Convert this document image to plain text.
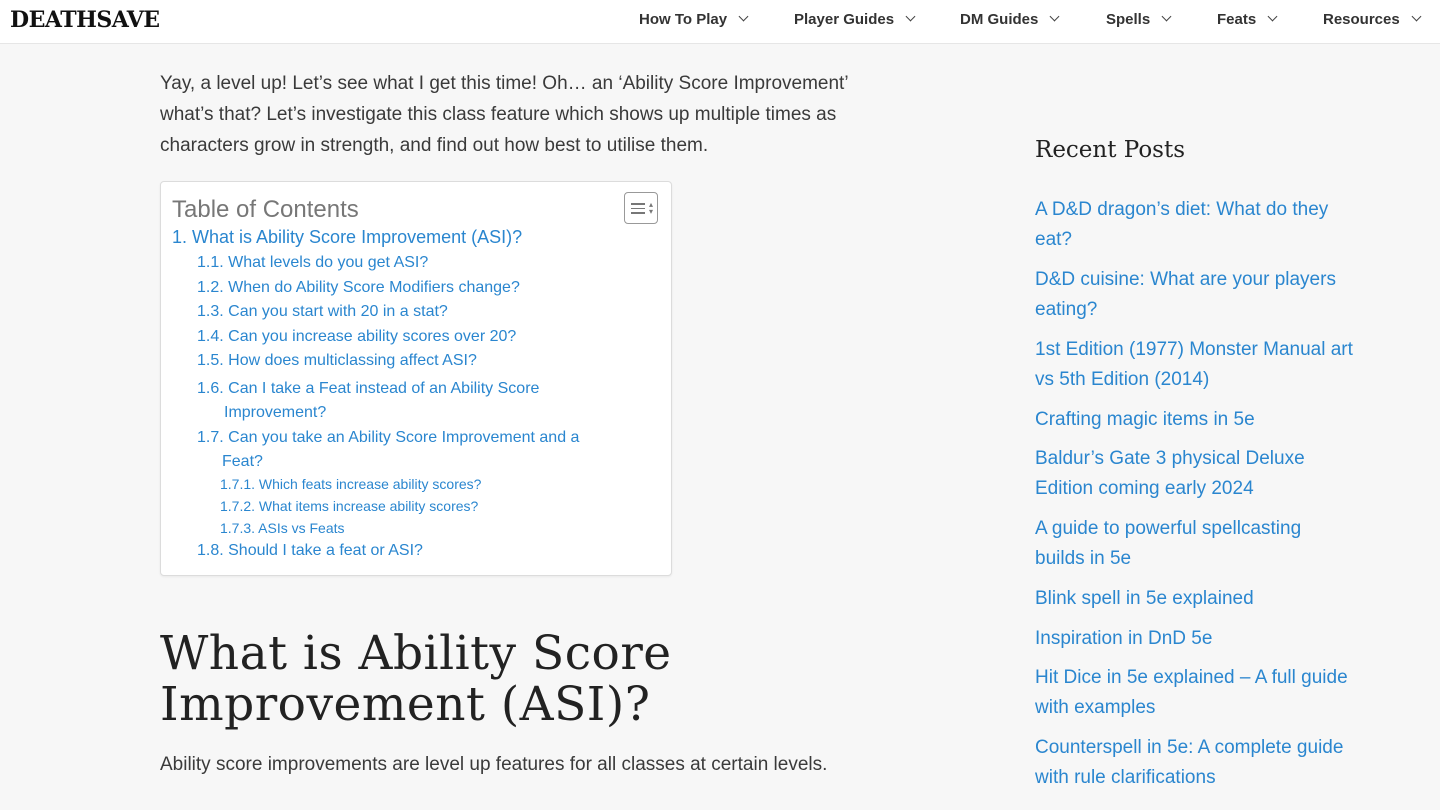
DEATHSAVE	How To Play	Player Guides	DM Guides	Spells	Feats	Resources
Yay, a level up! Let’s see what I get this time! Oh… an ‘Ability Score Improvement’
what’s that? Let’s investigate this class feature which shows up multiple times as
characters grow in strength, and find out how best to utilise them.
Table of Contents	▴
▾
1. What is Ability Score Improvement (ASI)?
1.1. What levels do you get ASI?
1.2. When do Ability Score Modifiers change?
1.3. Can you start with 20 in a stat?
1.4. Can you increase ability scores over 20?
1.5. How does multiclassing affect ASI?
1.6. Can I take a Feat instead of an Ability Score
Improvement?
1.7. Can you take an Ability Score Improvement and a
Feat?
1.7.1. Which feats increase ability scores?
1.7.2. What items increase ability scores?
1.7.3. ASIs vs Feats
1.8. Should I take a feat or ASI?
What is Ability Score
Improvement (ASI)?
Ability score improvements are level up features for all classes at certain levels.
Recent Posts
A D&D dragon’s diet: What do they
eat?
D&D cuisine: What are your players
eating?
1st Edition (1977) Monster Manual art
vs 5th Edition (2014)
Crafting magic items in 5e
Baldur’s Gate 3 physical Deluxe
Edition coming early 2024
A guide to powerful spellcasting
builds in 5e
Blink spell in 5e explained
Inspiration in DnD 5e
Hit Dice in 5e explained – A full guide
with examples
Counterspell in 5e: A complete guide
with rule clarifications
